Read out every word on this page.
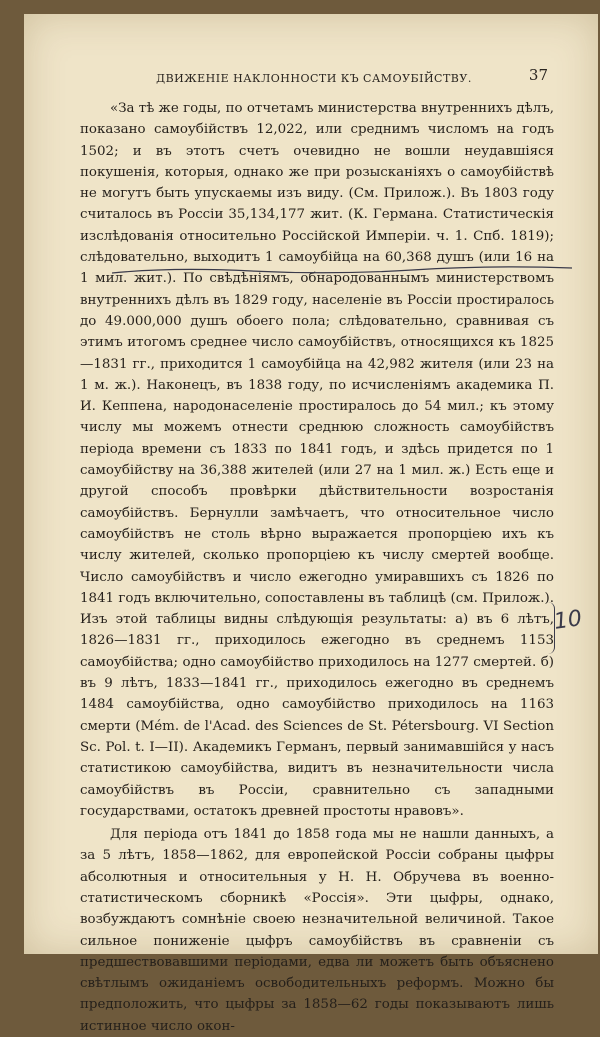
ДВИЖЕНІЕ НАКЛОННОСТИ КЪ САМОУБІЙСТВУ.	37

«За тѣ же годы, по отчетамъ министерства внутреннихъ дѣлъ, показано самоубійствъ 12,022, или среднимъ числомъ на годъ 1502; и въ этотъ счетъ очевидно не вошли неудавшіяся покушенія, которыя, однако же при розысканіяхъ о самоубійствѣ не могутъ быть упускаемы изъ виду. (См. Прилож.). Въ 1803 году считалось въ Россіи 35,134,177 жит. (К. Германа. Статистическія изслѣдованія относительно Россійской Имперіи. ч. 1. Спб. 1819); слѣдовательно, выходитъ 1 самоубійца на 60,368 душъ (или 16 на 1 мил. жит.). По свѣдѣніямъ, обнародованнымъ министерствомъ внутреннихъ дѣлъ въ 1829 году, населеніе въ Россіи простиралось до 49.000,000 душъ обоего пола; слѣдовательно, сравнивая съ этимъ итогомъ среднее число самоубійствъ, относящихся къ 1825—1831 гг., приходится 1 самоубійца на 42,982 жителя (или 23 на 1 м. ж.). Наконецъ, въ 1838 году, по исчисленіямъ академика П. И. Кеппена, народонаселеніе простиралось до 54 мил.; къ этому числу мы можемъ отнести среднюю сложность самоубійствъ періода времени съ 1833 по 1841 годъ, и здѣсь придется по 1 самоубійству на 36,388 жителей (или 27 на 1 мил. ж.) Есть еще и другой способъ провѣрки дѣйствительности возростанія самоубійствъ. Бернулли замѣчаетъ, что относительное число самоубійствъ не столь вѣрно выражается пропорціею ихъ къ числу жителей, сколько пропорціею къ числу смертей вообще. Число самоубійствъ и число ежегодно умиравшихъ съ 1826 по 1841 годъ включительно, сопоставлены въ таблицѣ (см. Прилож.). Изъ этой таблицы видны слѣдующія результаты: а) въ 6 лѣтъ, 1826—1831 гг., приходилось ежегодно въ среднемъ 1153 самоубійства; одно самоубійство приходилось на 1277 смертей. б) въ 9 лѣтъ, 1833—1841 гг., приходилось ежегодно въ среднемъ 1484 самоубійства, одно самоубійство приходилось на 1163 смерти (Mém. de l'Acad. des Sciences de St. Pétersbourg. VI Section Sc. Pol. t. I—II). Академикъ Германъ, первый занимавшійся у насъ статистикою самоубійства, видитъ въ незначительности числа самоубійствъ въ Россіи, сравнительно съ западными государствами, остатокъ древней простоты нравовъ».

Для періода отъ 1841 до 1858 года мы не нашли данныхъ, а за 5 лѣтъ, 1858—1862, для европейской Россіи собраны цыфры абсолютныя и относительныя у Н. Н. Обручева въ военно-статистическомъ сборникѣ «Россія». Эти цыфры, однако, возбуждаютъ сомнѣніе своею незначительной величиной. Такое сильное пониженіе цыфръ самоубійствъ въ сравненіи съ предшествовавшими періодами, едва ли можетъ быть объяснено свѣтлымъ ожиданіемъ освободительныхъ реформъ. Можно бы предположить, что цыфры за 1858—62 годы показываютъ лишь истинное число окон-

10
